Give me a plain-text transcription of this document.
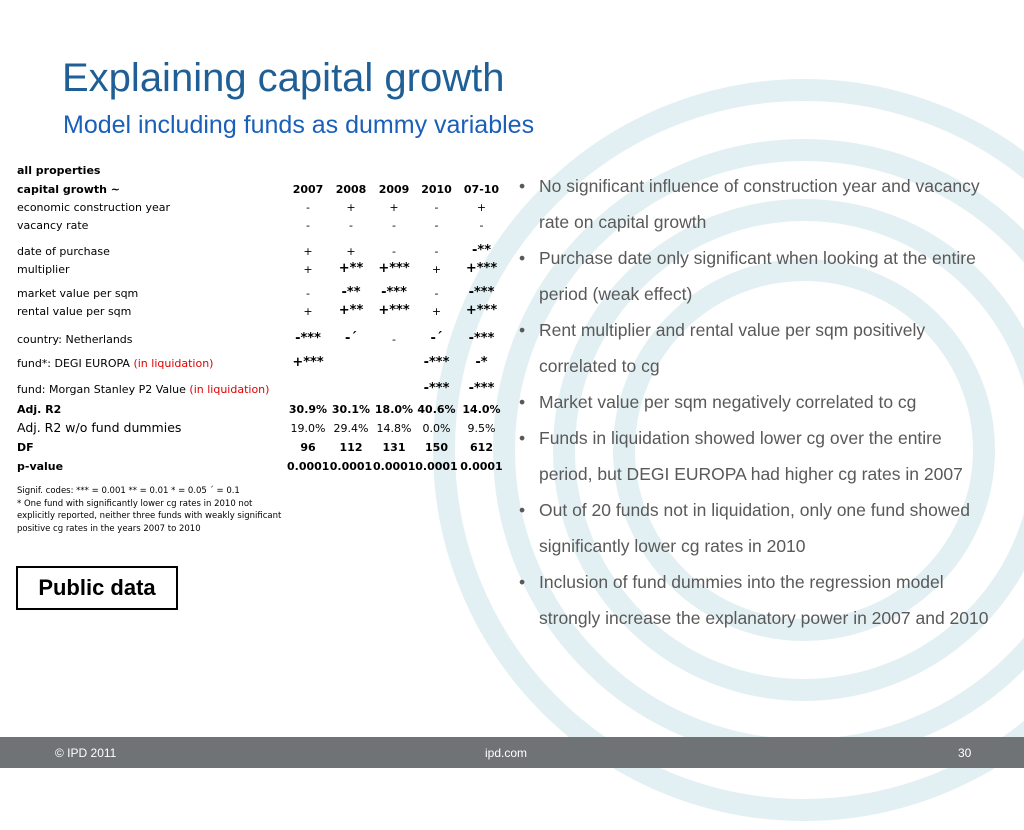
Explaining capital growth
Model including funds as dummy variables
all properties					
capital growth ~	2007	2008	2009	2010	07-10
economic construction year	-	+	+	-	+
vacancy rate	-	-	-	-	-
date of purchase	+	+	-	-	-**
multiplier	+	+**	+***	+	+***
market value per sqm	-	-**	-***	-	-***
rental value per sqm	+	+**	+***	+	+***
country: Netherlands	-***	-´	-	-´	-***
fund*: DEGI EUROPA (in liquidation)	+***			-***	-*
fund: Morgan Stanley P2 Value (in liquidation)				-***	-***
Adj. R2	30.9%	30.1%	18.0%	40.6%	14.0%
Adj. R2 w/o fund dummies	19.0%	29.4%	14.8%	0.0%	9.5%
DF	96	112	131	150	612
p-value	0.0001	0.0001	0.0001	0.0001	0.0001
Signif. codes: *** = 0.001 ** = 0.01 * = 0.05 ´ = 0.1
* One fund with significantly lower cg rates in 2010 not explicitly reported, neither three funds with weakly significant positive cg rates in the years 2007 to 2010
Public data
• No significant influence of construction year and vacancy rate on capital growth
• Purchase date only significant when looking at the entire period (weak effect)
• Rent multiplier and rental value per sqm positively correlated to cg
• Market value per sqm negatively correlated to cg
• Funds in liquidation showed lower cg over the entire period, but DEGI EUROPA had higher cg rates in 2007
• Out of 20 funds not in liquidation, only one fund showed significantly lower cg rates in 2010
• Inclusion of fund dummies into the regression model strongly increase the explanatory power in 2007 and 2010
© IPD 2011	ipd.com	30
